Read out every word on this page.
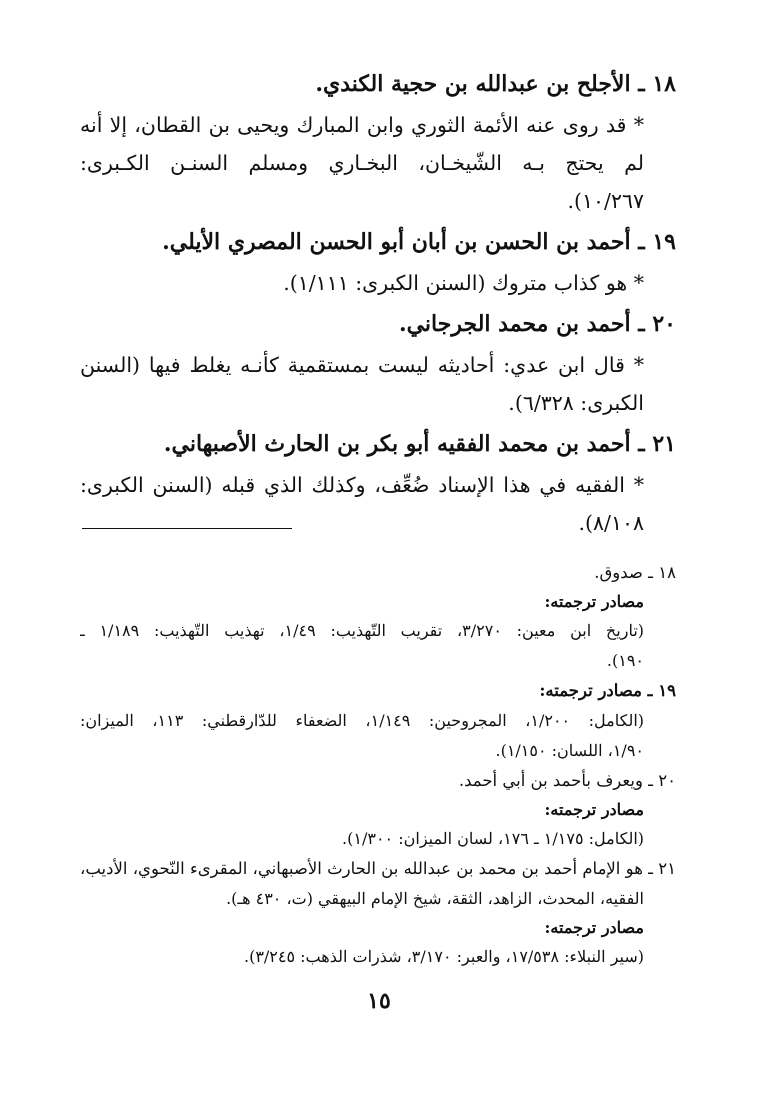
١٨ ـ الأجلح بن عبدالله بن حجية الكندي.
* قد روى عنه الأئمة الثوري وابن المبارك ويحيى بن القطان، إلا أنه
لم يحتج بـه الشّيخـان، البخـاري ومسلم السنـن الكـبرى:
١٠/٢٦٧).
١٩ ـ أحمد بن الحسن بن أبان أبو الحسن المصري الأيلي.
* هو كذاب متروك (السنن الكبرى: ١/١١١).
٢٠ ـ أحمد بن محمد الجرجاني.
* قال ابن عدي: أحاديثه ليست بمستقمية كأنـه يغلط فيها (السنن
الكبرى: ٦/٣٢٨).
٢١ ـ أحمد بن محمد الفقيه أبو بكر بن الحارث الأصبهاني.
* الفقيه في هذا الإسناد ضُعِّف، وكذلك الذي قبله (السنن الكبرى:
٨/١٠٨).
١٨ ـ صدوق.
مصادر ترجمته:
(تاريخ ابن معين: ٣/٢٧٠، تقريب التّهذيب: ١/٤٩، تهذيب التّهذيب: ١/١٨٩ ـ
١٩٠).
١٩ ـ مصادر ترجمته:
(الكامل: ١/٢٠٠، المجروحين: ١/١٤٩، الضعفاء للدّارقطني: ١١٣، الميزان:
١/٩٠، اللسان: ١/١٥٠).
٢٠ ـ ويعرف بأحمد بن أبي أحمد.
مصادر ترجمته:
(الكامل: ١/١٧٥ ـ ١٧٦، لسان الميزان: ١/٣٠٠).
٢١ ـ هو الإمام أحمد بن محمد بن عبدالله بن الحارث الأصبهاني، المقرىء النّحوي، الأديب،
الفقيه، المحدث، الزاهد، الثقة، شيخ الإمام البيهقي (ت، ٤٣٠ هـ).
مصادر ترجمته:
(سير النبلاء: ١٧/٥٣٨، والعبر: ٣/١٧٠، شذرات الذهب: ٣/٢٤٥).
١٥
